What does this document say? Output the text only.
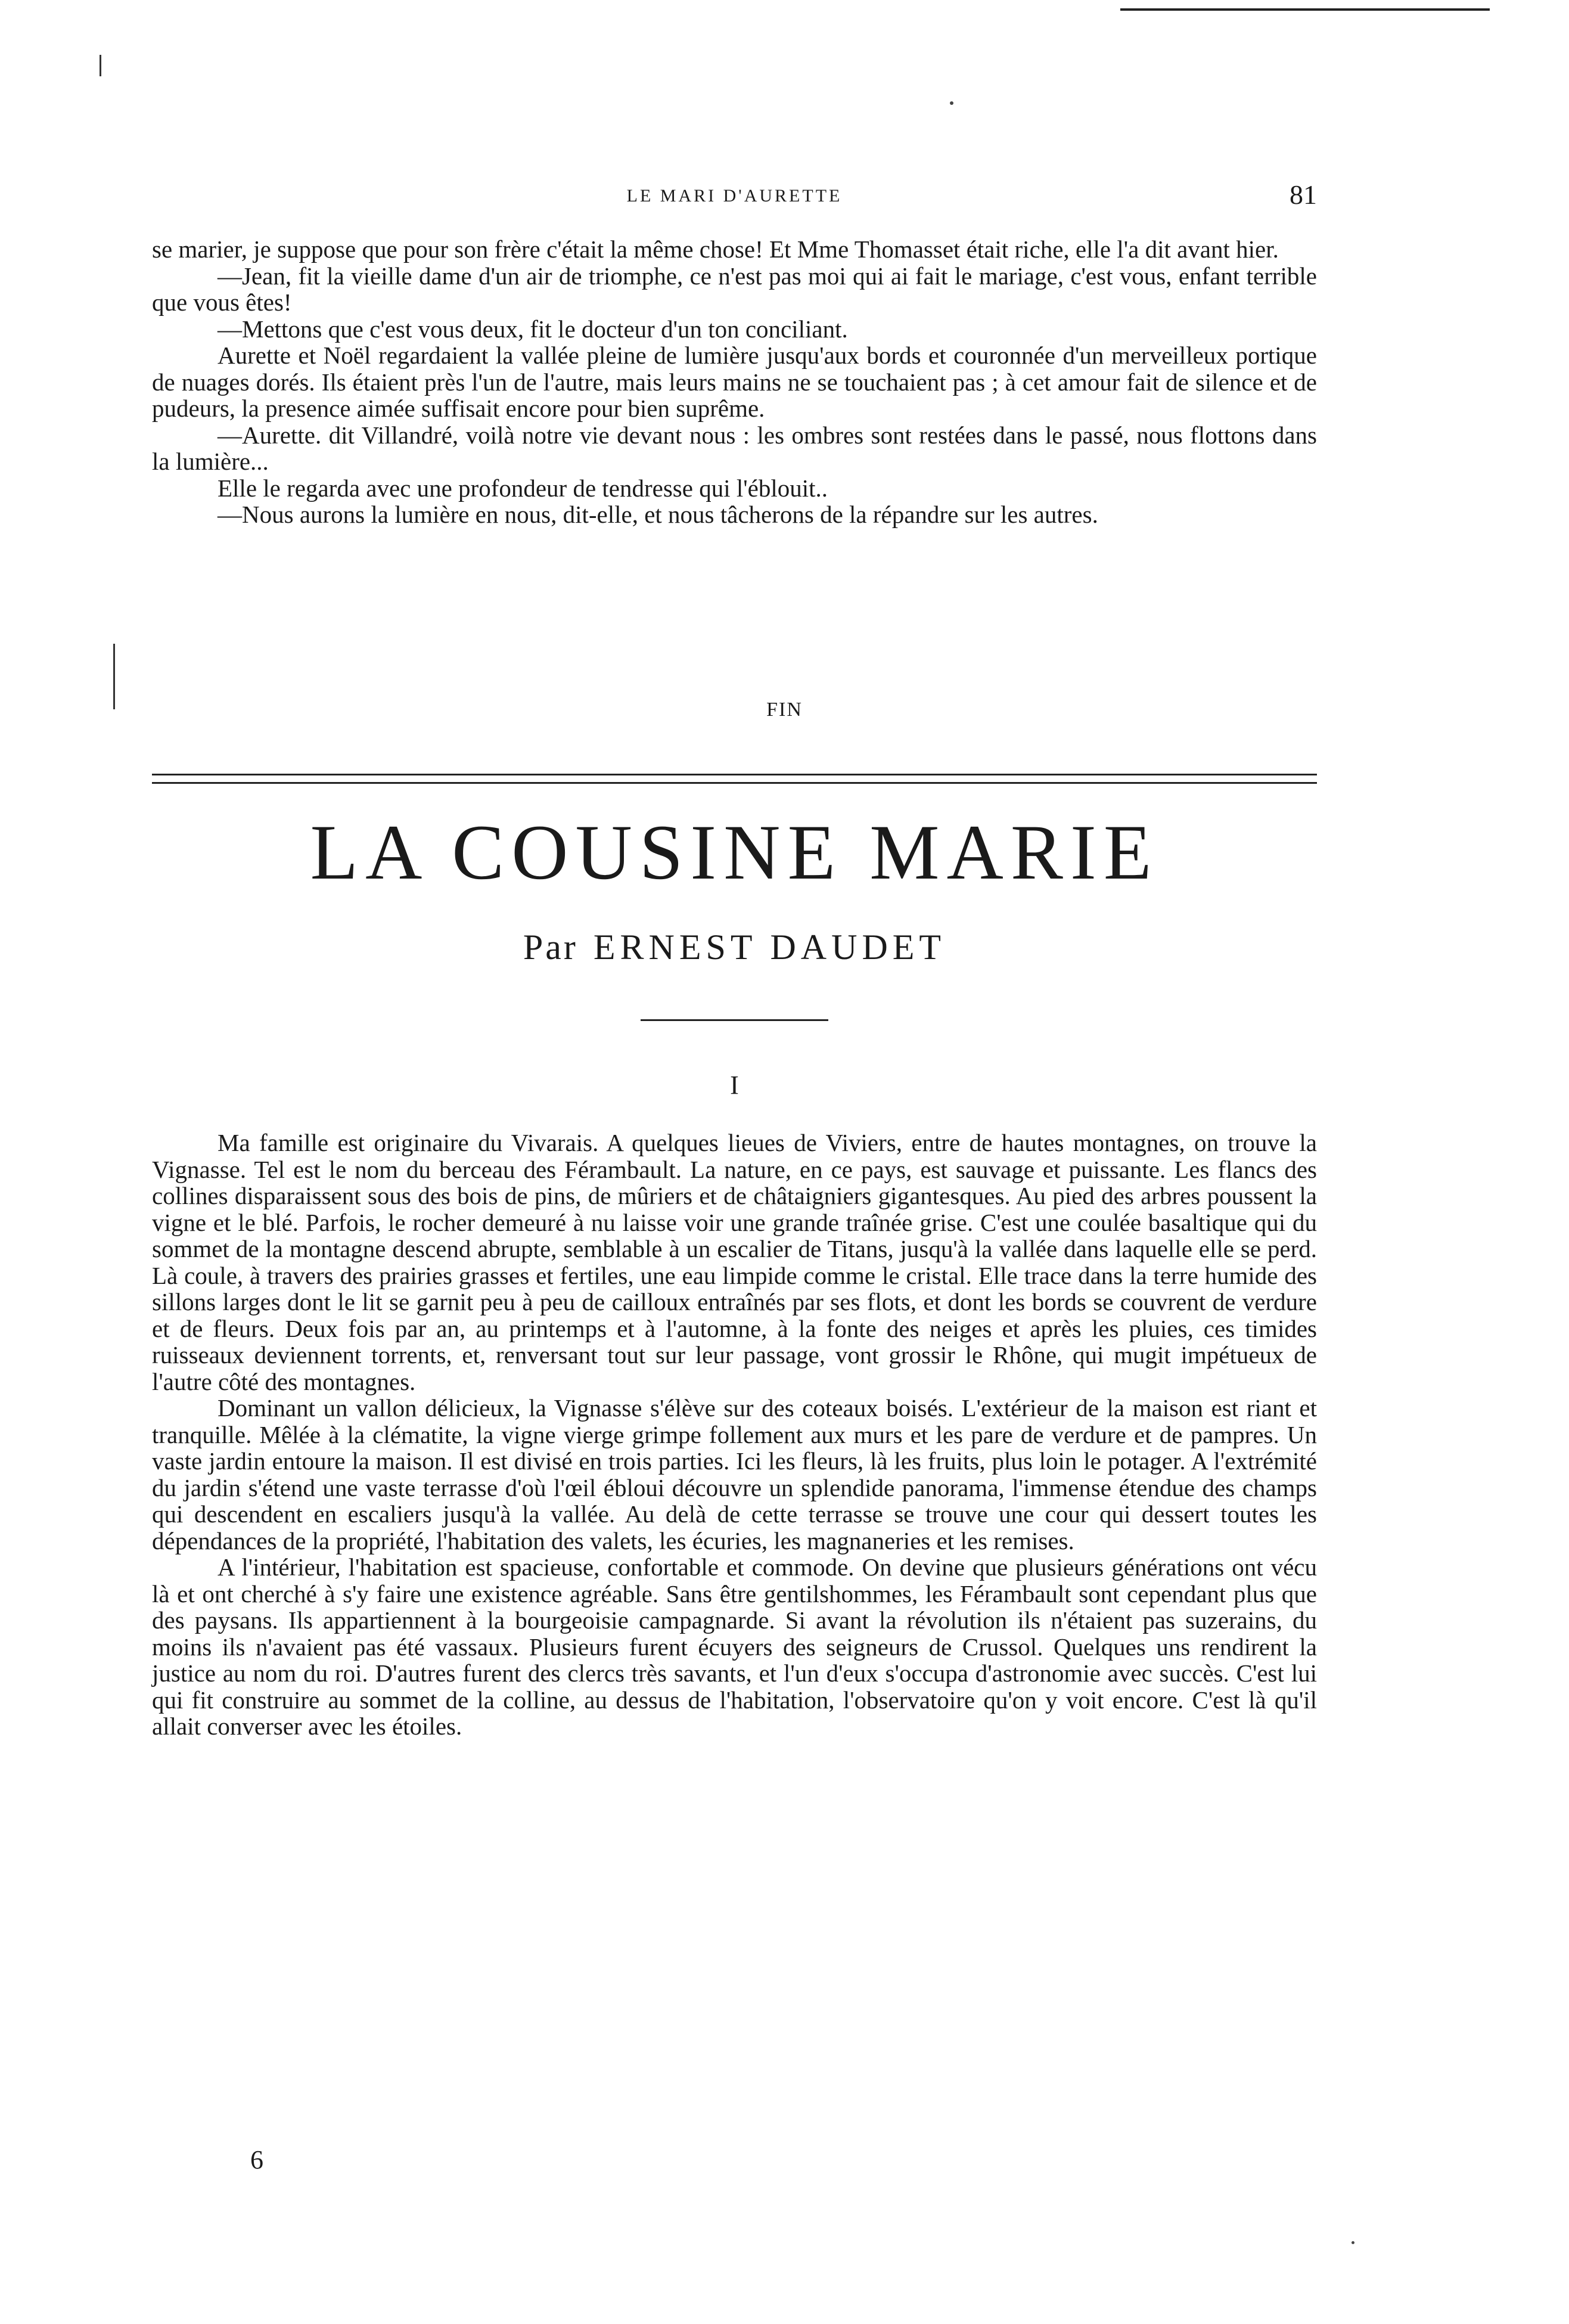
LE MARI D'AURETTE	81

se marier, je suppose que pour son frère c'était la même chose! Et Mme Thomasset était riche, elle l'a dit avant hier.

—Jean, fit la vieille dame d'un air de triomphe, ce n'est pas moi qui ai fait le mariage, c'est vous, enfant terrible que vous êtes!

—Mettons que c'est vous deux, fit le docteur d'un ton conciliant.

Aurette et Noël regardaient la vallée pleine de lumière jusqu'aux bords et couronnée d'un merveilleux portique de nuages dorés. Ils étaient près l'un de l'autre, mais leurs mains ne se touchaient pas ; à cet amour fait de silence et de pudeurs, la presence aimée suffisait encore pour bien suprême.

—Aurette. dit Villandré, voilà notre vie devant nous : les ombres sont restées dans le passé, nous flottons dans la lumière...

Elle le regarda avec une profondeur de tendresse qui l'éblouit..

—Nous aurons la lumière en nous, dit-elle, et nous tâcherons de la répandre sur les autres.

FIN
LA COUSINE MARIE
Par ERNEST DAUDET
I

Ma famille est originaire du Vivarais. A quelques lieues de Viviers, entre de hautes montagnes, on trouve la Vignasse. Tel est le nom du berceau des Férambault. La nature, en ce pays, est sauvage et puissante. Les flancs des collines disparaissent sous des bois de pins, de mûriers et de châtaigniers gigantesques. Au pied des arbres poussent la vigne et le blé. Parfois, le rocher demeuré à nu laisse voir une grande traînée grise. C'est une coulée basaltique qui du sommet de la montagne descend abrupte, semblable à un escalier de Titans, jusqu'à la vallée dans laquelle elle se perd. Là coule, à travers des prairies grasses et fertiles, une eau limpide comme le cristal. Elle trace dans la terre humide des sillons larges dont le lit se garnit peu à peu de cailloux entraînés par ses flots, et dont les bords se couvrent de verdure et de fleurs. Deux fois par an, au printemps et à l'automne, à la fonte des neiges et après les pluies, ces timides ruisseaux deviennent torrents, et, renversant tout sur leur passage, vont grossir le Rhône, qui mugit impétueux de l'autre côté des montagnes.

Dominant un vallon délicieux, la Vignasse s'élève sur des coteaux boisés. L'extérieur de la maison est riant et tranquille. Mêlée à la clématite, la vigne vierge grimpe follement aux murs et les pare de verdure et de pampres. Un vaste jardin entoure la maison. Il est divisé en trois parties. Ici les fleurs, là les fruits, plus loin le potager. A l'extrémité du jardin s'étend une vaste terrasse d'où l'œil ébloui découvre un splendide panorama, l'immense étendue des champs qui descendent en escaliers jusqu'à la vallée. Au delà de cette terrasse se trouve une cour qui dessert toutes les dépendances de la propriété, l'habitation des valets, les écuries, les magnaneries et les remises.

A l'intérieur, l'habitation est spacieuse, confortable et commode. On devine que plusieurs générations ont vécu là et ont cherché à s'y faire une existence agréable. Sans être gentilshommes, les Férambault sont cependant plus que des paysans. Ils appartiennent à la bourgeoisie campagnarde. Si avant la révolution ils n'étaient pas suzerains, du moins ils n'avaient pas été vassaux. Plusieurs furent écuyers des seigneurs de Crussol. Quelques uns rendirent la justice au nom du roi. D'autres furent des clercs très savants, et l'un d'eux s'occupa d'astronomie avec succès. C'est lui qui fit construire au sommet de la colline, au dessus de l'habitation, l'observatoire qu'on y voit encore. C'est là qu'il allait converser avec les étoiles.

6
